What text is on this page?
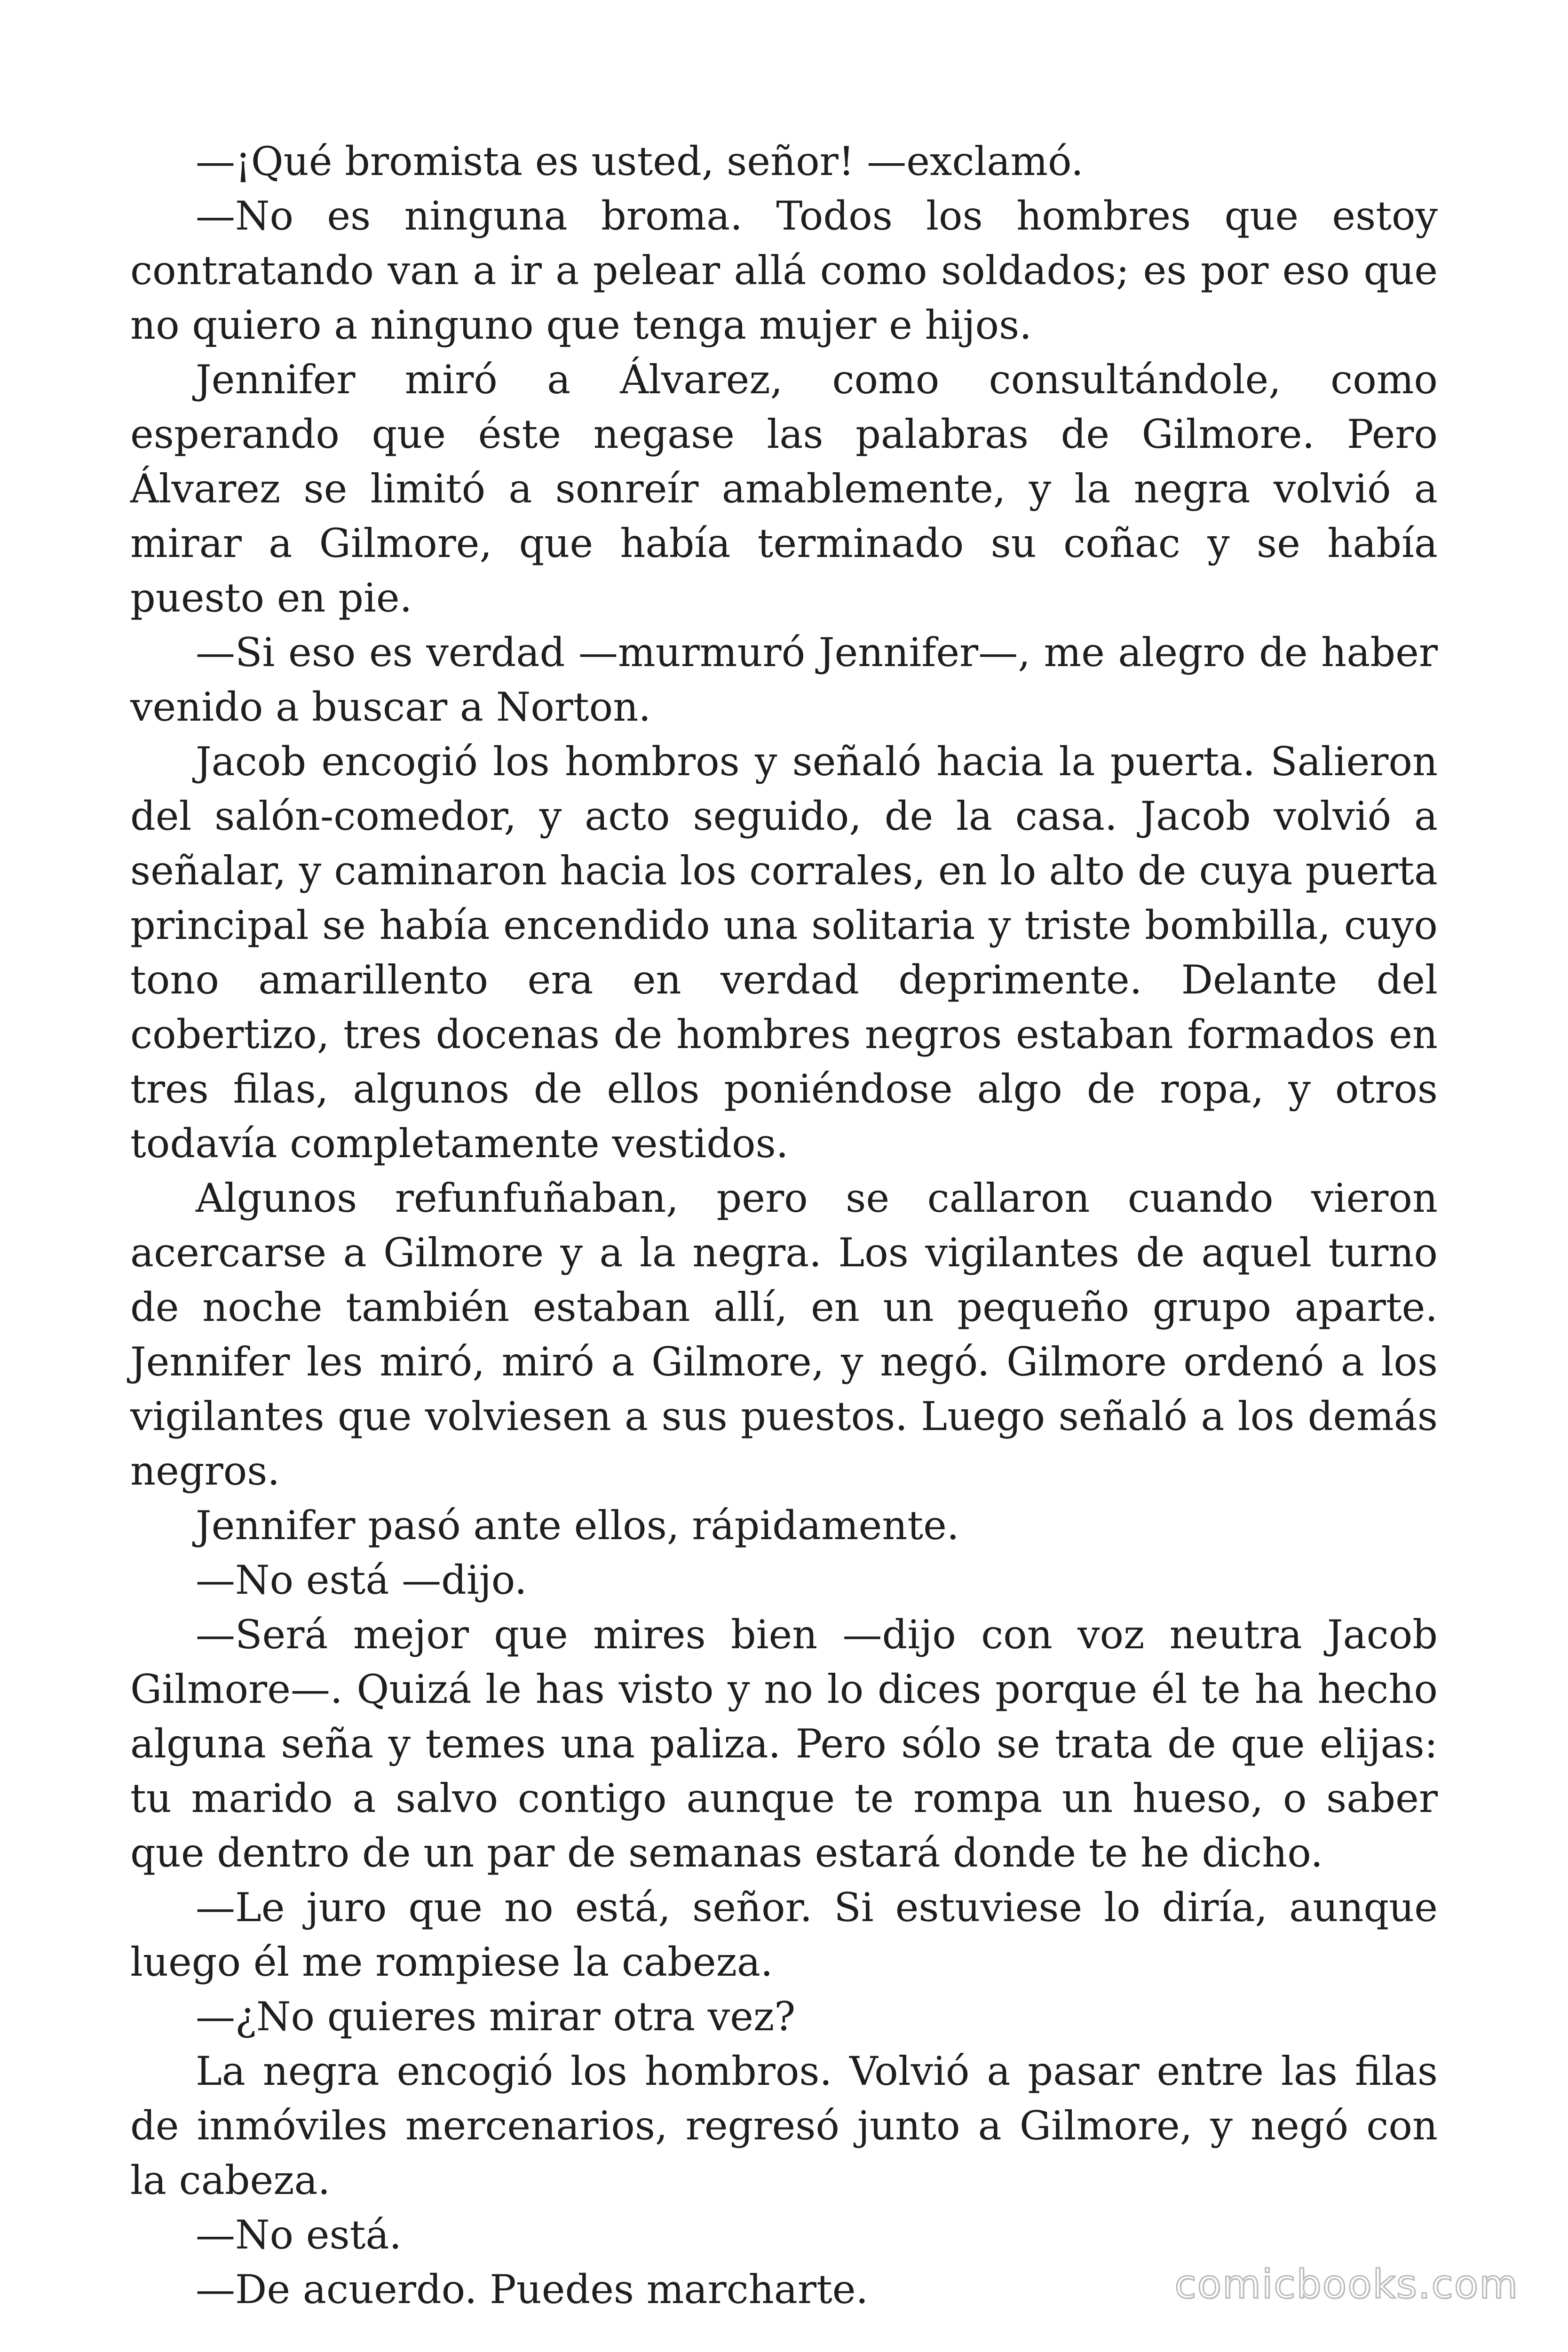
—¡Qué bromista es usted, señor! —exclamó.

—No es ninguna broma. Todos los hombres que estoy contratando van a ir a pelear allá como soldados; es por eso que no quiero a ninguno que tenga mujer e hijos.

Jennifer miró a Álvarez, como consultándole, como esperando que éste negase las palabras de Gilmore. Pero Álvarez se limitó a sonreír amablemente, y la negra volvió a mirar a Gilmore, que había terminado su coñac y se había puesto en pie.

—Si eso es verdad —murmuró Jennifer—, me alegro de haber venido a buscar a Norton.

Jacob encogió los hombros y señaló hacia la puerta. Salieron del salón-comedor, y acto seguido, de la casa. Jacob volvió a señalar, y caminaron hacia los corrales, en lo alto de cuya puerta principal se había encendido una solitaria y triste bombilla, cuyo tono amarillento era en verdad deprimente. Delante del cobertizo, tres docenas de hombres negros estaban formados en tres filas, algunos de ellos poniéndose algo de ropa, y otros todavía completamente vestidos.

Algunos refunfuñaban, pero se callaron cuando vieron acercarse a Gilmore y a la negra. Los vigilantes de aquel turno de noche también estaban allí, en un pequeño grupo aparte. Jennifer les miró, miró a Gilmore, y negó. Gilmore ordenó a los vigilantes que volviesen a sus puestos. Luego señaló a los demás negros.

Jennifer pasó ante ellos, rápidamente.

—No está —dijo.

—Será mejor que mires bien —dijo con voz neutra Jacob Gilmore—. Quizá le has visto y no lo dices porque él te ha hecho alguna seña y temes una paliza. Pero sólo se trata de que elijas: tu marido a salvo contigo aunque te rompa un hueso, o saber que dentro de un par de semanas estará donde te he dicho.

—Le juro que no está, señor. Si estuviese lo diría, aunque luego él me rompiese la cabeza.

—¿No quieres mirar otra vez?

La negra encogió los hombros. Volvió a pasar entre las filas de inmóviles mercenarios, regresó junto a Gilmore, y negó con la cabeza.

—No está.

—De acuerdo. Puedes marcharte.	comicbooks.com
